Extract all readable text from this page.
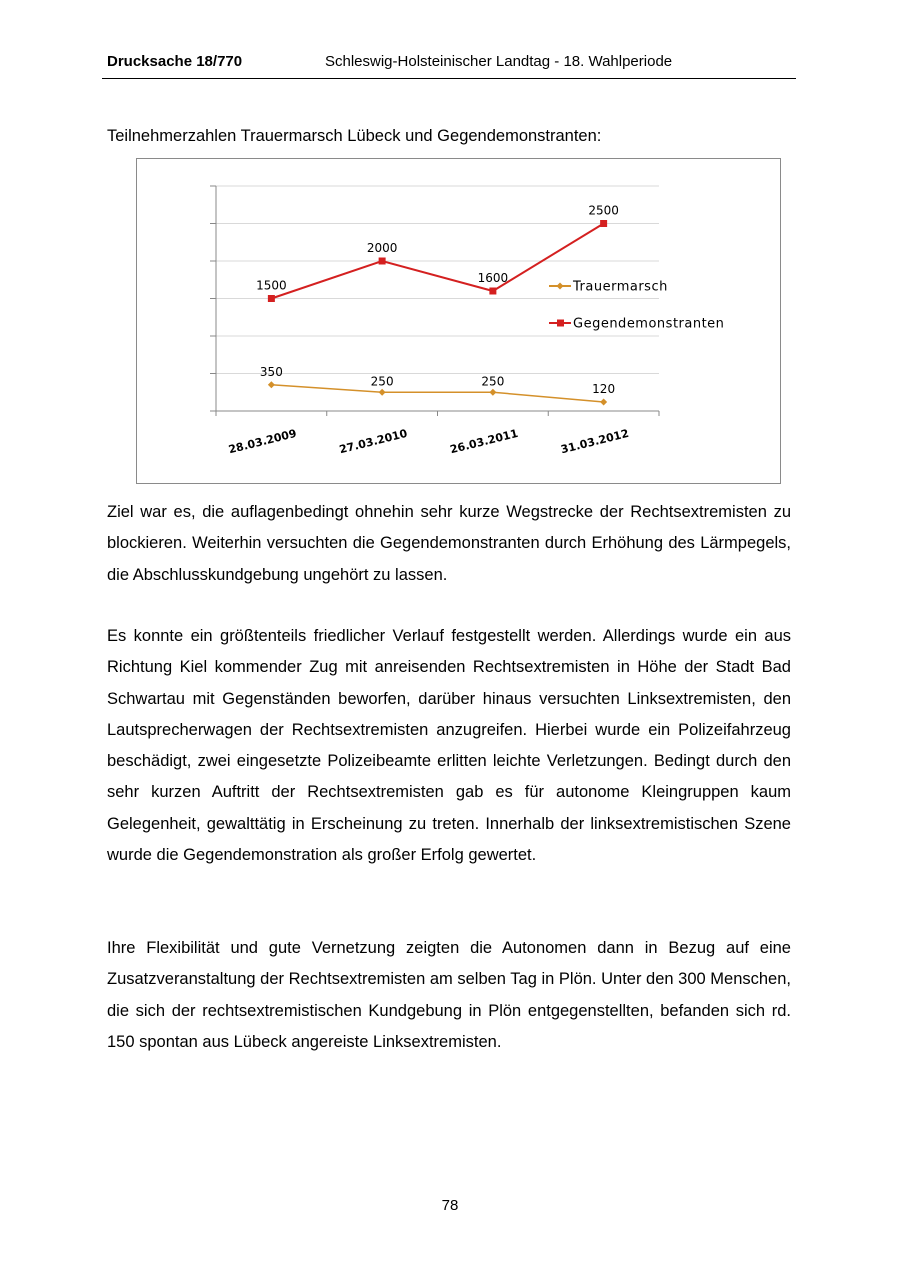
Drucksache 18/770	Schleswig-Holsteinischer Landtag - 18. Wahlperiode
Teilnehmerzahlen Trauermarsch Lübeck und Gegendemonstranten:
28.03.2009	27.03.2010	26.03.2011	31.03.2012
350
250	250
120
1500
2000
1600
2500
Trauermarsch
Gegendemonstranten

Ziel war es, die auflagenbedingt ohnehin sehr kurze Wegstrecke der Rechtsextremisten zu blockieren. Weiterhin versuchten die Gegendemonstranten durch Erhöhung des Lärmpegels, die Abschlusskundgebung ungehört zu lassen.

Es konnte ein größtenteils friedlicher Verlauf festgestellt werden. Allerdings wurde ein aus Richtung Kiel kommender Zug mit anreisenden Rechtsextremisten in Höhe der Stadt Bad Schwartau mit Gegenständen beworfen, darüber hinaus versuchten Linksextremisten, den Lautsprecherwagen der Rechtsextremisten anzugreifen. Hierbei wurde ein Polizeifahrzeug beschädigt, zwei eingesetzte Polizeibeamte erlitten leichte Verletzungen. Bedingt durch den sehr kurzen Auftritt der Rechtsextremisten gab es für autonome Kleingruppen kaum Gelegenheit, gewalttätig in Erscheinung zu treten. Innerhalb der linksextremistischen Szene wurde die Gegendemonstration als großer Erfolg gewertet.

Ihre Flexibilität und gute Vernetzung zeigten die Autonomen dann in Bezug auf eine Zusatzveranstaltung der Rechtsextremisten am selben Tag in Plön. Unter den 300 Menschen, die sich der rechtsextremistischen Kundgebung in Plön entgegenstellten, befanden sich rd. 150 spontan aus Lübeck angereiste Linksextremisten.

78
